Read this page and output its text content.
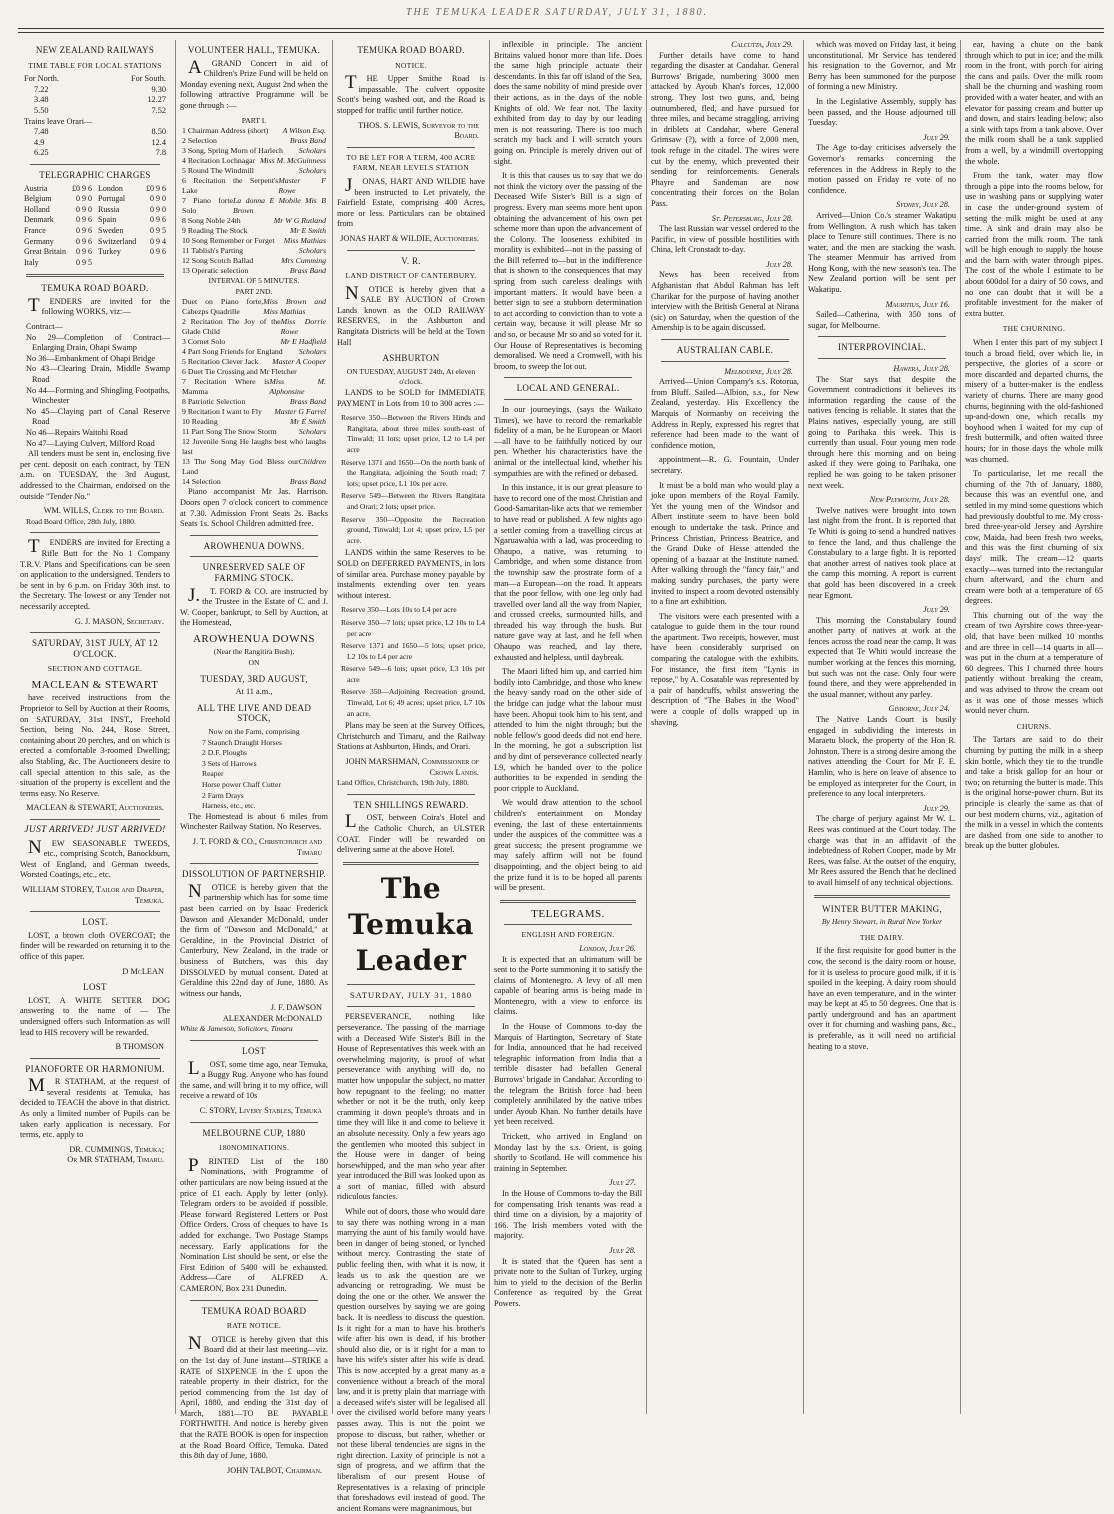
THE TEMUKA LEADER SATURDAY, JULY 31, 1880.
NEW ZEALAND RAILWAYS
TIME TABLE FOR LOCAL STATIONS
For North.	For South.
7.22	9.30
3.48	12.27
5.50	7.52
Trains leave Orari—
7.48	8.50
4.9	12.4
6.25	7.8
TELEGRAPHIC CHARGES
Austria	£0 9 6 London	£0 9 6
Belgium	0 9 0 Portugal	0 9 0
Holland	0 9 0 Russia	0 9 0
Denmark	0 9 6 Spain	0 9 6
France	0 9 6 Sweden	0 9 5
Germany	0 9 6 Switzerland 0 9 4
Great Britain 0 9 6 Turkey	0 9 6
Italy	0 9 5
TEMUKA ROAD BOARD.

TENDERS are invited for the following WORKS, viz:—

Contract—
No 29—Completion of Contract—Enlarging Drain, Ohapi Swamp
No 36—Embankment of Ohapi Bridge
No 43—Clearing Drain, Middle Swamp Road
No 44—Forming and Shingling Footpaths, Winchester
No 45—Claying part of Canal Reserve Road
No 46—Repairs Waitohi Road
No 47—Laying Culvert, Milford Road

All tenders must be sent in, enclosing five per cent. deposit on each contract, by TEN a.m. on TUESDAY, the 3rd August, addressed to the Chairman, endorsed on the outside "Tender No."

WM. WILLS, Clerk to the Board.
Road Board Office, 28th July, 1880.

TENDERS are invited for Erecting a Rifle Butt for the No 1 Company T.R.V. Plans and Specifications can be seen on application to the undersigned. Tenders to be sent in by 6 p.m. on Friday 30th inst. to the Secretary. The lowest or any Tender not necessarily accepted.

G. J. MASON, Secretary.
SATURDAY, 31ST JULY, AT 12 O'CLOCK.
SECTION AND COTTAGE.
MACLEAN & STEWART

have received instructions from the Proprietor to Sell by Auction at their Rooms, on SATURDAY, 31st INST., Freehold Section, being No. 244, Rose Street, containing about 20 perches, and on which is erected a comfortable 3-roomed Dwelling; also Stabling, &c. The Auctioneers desire to call special attention to this sale, as the situation of the property is excellent and the terms easy. No Reserve.

MACLEAN & STEWART, Auctioneers.
JUST ARRIVED! JUST ARRIVED!

NEW SEASONABLE TWEEDS, etc., comprising Scotch, Banockburn, West of England, and German tweeds, Worsted Coatings, etc., etc.

WILLIAM STOREY, Tailor and Draper, Temuka.
LOST.

LOST, a brown cloth OVERCOAT; the finder will be rewarded on returning it to the office of this paper.

D McLEAN
LOST

LOST, A WHITE SETTER DOG answering to the name of — The undersigned offers such Information as will lead to HIS recovery will be rewarded.

B THOMSON
PIANOFORTE OR HARMONIUM.

MR STATHAM, at the request of several residents at Temuka, has decided to TEACH the above in that district. As only a limited number of Pupils can be taken early application is necessary. For terms, etc. apply to

DR. CUMMINGS, Temuka;
Or MR STATHAM, Timaru.
VOLUNTEER HALL, TEMUKA.

AGRAND Concert in aid of Children's Prize Fund will be held on Monday evening next, August 2nd when the following attractive Programme will be gone through :—

PART I.
1 Chairman Address (short) A Wilson Esq.
2 Selection	Brass Band
3 Song, Spring Morn of Harlech Scholars
4 Recitation Lochnagar Miss M. McGuinness
5 Round The Windmill	Scholars
6 Recitation the Serpent's Lake
Master F Rowe
7 Piano forte Solo
La donna E Mobile Mis B Brown
8 Song Noble 24th	Mr W G Rutland
9 Reading The Stock	Mr E Smith
10 Song Remember or Forget Miss Mathias
11 Tablish's Parting	Scholars
12 Song Scotch Ballad	Mrs Cumming
13 Operatic selection	Brass Band
INTERVAL OF 5 MINUTES.
PART 2ND.
Duet on Piano forte, Cabezps Quadrille
Miss Brown and Miss Mathias
2 Recitation The Joy of the Glade Child
Miss Dorrie Rowe
3 Cornet Solo	Mr E Hadfield
4 Part Song Friends for England Scholars
5 Recitation Clever Jack Master A Cooper
6 Duet Tie Crossing and Mr Fletcher
7 Recitation Where is Mamma
Miss M. Alphonsine
8 Patriotic Selection	Brass Band
9 Recitation I want to Fly Master G Farrel
10 Reading	Mr E Smith
11 Part Song The Snow Storm	Scholars
12 Juvenile Song He laughs best who laughs last
13 The Song May God Bless our Land
Children
14 Selection	Brass Band

Piano accompanist Mr Jas. Harrison. Doors open 7 o'clock concert to commence at 7.30. Admission Front Seats 2s. Backs Seats 1s. School Children admitted free.

AROWHENUA DOWNS.
UNRESERVED SALE OF FARMING STOCK.

J.T. FORD & CO. are instructed by the Trustee in the Estate of C. and J. W. Cooper, bankrupt, to Sell by Auction, at the Homestead,

AROWHENUA DOWNS
(Near the Rangitira Bush),
ON
TUESDAY, 3RD AUGUST,
At 11 a.m.,
ALL THE LIVE AND DEAD STOCK,
Now on the Farm, comprising
7 Staunch Draught Horses
2 D.F. Ploughs
3 Sets of Harrows
Reaper
Horse power Chaff Cutter
2 Farm Drays
Harness, etc., etc.

The Homestead is about 6 miles from Winchester Railway Station. No Reserves.

J. T. FORD & CO., Christchurch and Timaru
DISSOLUTION OF PARTNERSHIP.

NOTICE is hereby given that the partnership which has for some time past been carried on by Isaac Frederick Dawson and Alexander McDonald, under the firm of "Dawson and McDonald," at Geraldine, in the Provincial District of Canterbury, New Zealand, in the trade or business of Butchers, was this day DISSOLVED by mutual consent. Dated at Geraldine this 22nd day of June, 1880. As witness our hands,

J. F. DAWSON
ALEXANDER McDONALD
White & Jameson, Solicitors, Timaru
LOST

LOST, some time ago, near Temuka, a Buggy Rug. Anyone who has found the same, and will bring it to my office, will receive a reward of 10s

C. STORY, Livery Stables, Temuka
MELBOURNE CUP, 1880
180NOMINATIONS.

PRINTED List of the 180 Nominations, with Programme of other particulars are now being issued at the price of £1 each. Apply by letter (only). Telegram orders to be avoided if possible. Please forward Registered Letters or Post Office Orders. Cross of cheques to have 1s added for exchange. Two Postage Stamps necessary. Early applications for the Nomination List should be sent, or else the First Edition of 5400 will be exhausted. Address—Care of ALFRED A. CAMERON, Box 231 Dunedin.

TEMUKA ROAD BOARD
RATE NOTICE.

NOTICE is hereby given that this Board did at their last meeting—viz. on the 1st day of June instant—STRIKE a RATE of SIXPENCE in the £ upon the rateable property in their district, for the period commencing from the 1st day of April, 1880, and ending the 31st day of March, 1881—TO BE PAYABLE FORTHWITH. And notice is hereby given that the RATE BOOK is open for inspection at the Road Board Office, Temuka. Dated this 8th day of June, 1880.

JOHN TALBOT, Chairman.
TEMUKA ROAD BOARD.
NOTICE.

THE Upper Smithe Road is impassable. The culvert opposite Scott's being washed out, and the Road is stopped for traffic until further notice.

THOS. S. LEWIS, Surveyor to the Board.
TO BE LET FOR A TERM, 400 ACRE FARM, NEAR LEVELS STATION

JONAS, HART AND WILDIE have been instructed to Let privately, the Fairfield Estate, comprising 400 Acres, more or less. Particulars can be obtained from

JONAS HART & WILDIE, Auctioneers.
V. R.
LAND DISTRICT OF CANTERBURY.

NOTICE is hereby given that a SALE BY AUCTION of Crown Lands known as the OLD RAILWAY RESERVES, in the Ashburton and Rangitata Districts will be held at the Town Hall

ASHBURTON
ON TUESDAY, AUGUST 24th, At eleven o'clock.

LANDS to be SOLD for IMMEDIATE PAYMENT in Lots from 10 to 300 acres :—

Reserve 350—Between the Rivers Hinds and Rangitata, about three miles south-east of Tinwald; 11 lots; upset price, L2 to L4 per acre
Reserve 1371 and 1650—On the north bank of the Rangitata, adjoining the South road; 7 lots; upset price, L1 10s per acre.
Reserve 549—Between the Rivers Rangitata and Orari; 2 lots; upset price.
Reserve 350—Opposite the Recreation ground, Tinwald; Lot 4; upset price, L5 per acre.

LANDS within the same Reserves to be SOLD on DEFERRED PAYMENTS, in lots of similar area. Purchase money payable by instalments extending over ten years without interest.

Reserve 350—Lots 10s to L4 per acre
Reserve 350—7 lots; upset price, L2 10s to L4 per acre
Reserve 1371 and 1650—5 lots; upset price, L2 10s to L4 per acre
Reserve 549—6 lots; upset price, L3 10s per acre
Reserve 350—Adjoining Recreation ground, Tinwald, Lot 6; 49 acres; upset price, L7 10s an acre.

Plans may be seen at the Survey Offices, Christchurch and Timaru, and the Railway Stations at Ashburton, Hinds, and Orari.

JOHN MARSHMAN, Commissioner of Crown Lands.
Land Office, Christchurch, 19th July, 1880.
TEN SHILLINGS REWARD.

LOST, between Coira's Hotel and the Catholic Church, an ULSTER COAT. Finder will be rewarded on delivering same at the above Hotel.

The Temuka Leader
SATURDAY, JULY 31, 1880

PERSEVERANCE, nothing like perseverance. The passing of the marriage with a Deceased Wife Sister's Bill in the House of Representatives this week with an overwhelming majority, is proof of what perseverance with anything will do, no matter how unpopular the subject, no matter how repugnant to the feeling; no matter whether or not it be the truth, only keep cramming it down people's throats and in time they will like it and come to believe it an absolute necessity. Only a few years ago the gentlemen who mooted this subject in the House were in danger of being horsewhipped, and the man who year after year introduced the Bill was looked upon as a sort of maniac, filled with absurd ridiculous fancies.

While out of doors, those who would dare to say there was nothing wrong in a man marrying the aunt of his family would have been in danger of being stoned, or lynched without mercy. Contrasting the state of public feeling then, with what it is now, it leads us to ask the question are we advancing or retrograding. We must be doing the one or the other. We answer the question ourselves by saying we are going back. It is needless to discuss the question. Is it right for a man to have his brother's wife after his own is dead, if his brother should also die, or is it right for a man to have his wife's sister after his wife is dead. This is now accepted by a great many as a convenience without a breach of the moral law, and it is pretty plain that marriage with a deceased wife's sister will be legalised all over the civilised world before many years passes away. This is not the point we propose to discuss, but rather, whether or not these liberal tendencies are signs in the right direction. Laxity of principle is not a sign of progress, and we affirm that the liberalism of our present House of Representatives is a relaxing of principle that foreshadows evil instead of good. The ancient Romans were magnanimous, but

inflexible in principle. The ancient Britains valued honor more than life. Does the same high principle actuate their descendants. In this far off island of the Sea, does the same nobility of mind preside over their actions, as in the days of the noble Knights of old. We fear not. The laxity exhibited from day to day by our leading men is not reassuring. There is too much scratch my back and I will scratch yours going on. Principle is merely driven out of sight.

It is this that causes us to say that we do not think the victory over the passing of the Deceased Wife Sister's Bill is a sign of progress. Every man seems more bent upon obtaining the advancement of his own pet scheme more than upon the advancement of the Colony. The looseness exhibited in morality is exhibited—not in the passing of the Bill referred to—but in the indifference that is shown to the consequences that may spring from such careless dealings with important matters. It would have been a better sign to see a stubborn determination to act according to conviction than to vote a certain way, because it will please Mr so and so, or because Mr so and so voted for it. Our House of Representatives is becoming demoralised. We need a Cromwell, with his broom, to sweep the lot out.

LOCAL AND GENERAL.

In our journeyings, (says the Waikato Times), we have to record the remarkable fidelity of a man, be he European or Maori—all have to be faithfully noticed by our pen. Whether his characteristics have the animal or the intellectual kind, whether his sympathies are with the refined or debased.

In this instance, it is our great pleasure to have to record one of the most Christian and Good-Samaritan-like acts that we remember to have read or published. A few nights ago a settler coming from a travelling circus at Ngaruawahia with a lad, was proceeding to Ohaupo, a native, was returning to Cambridge, and when some distance from the township saw the prostrate form of a man—a European—on the road. It appears that the poor fellow, with one leg only had travelled over land all the way from Napier, and crossed creeks, surmounted hills, and threaded his way through the bush. But nature gave way at last, and he fell when Ohaupo was reached, and lay there, exhausted and helpless, until daybreak.

The Maori lifted him up, and carried him bodily into Cambridge, and those who knew the heavy sandy road on the other side of the bridge can judge what the labour must have been. Ahopui took him to his tent, and attended to him the night through; but the noble fellow's good deeds did not end here. In the morning, he got a subscription list and by dint of perseverance collected nearly L9, which he handed over to the police authorities to be expended in sending the poor cripple to Auckland.

We would draw attention to the school children's entertainment on Monday evening, the last of these entertainments under the auspices of the committee was a great success; the present programme we may safely affirm will not be found disappointing, and the object being to aid the prize fund it is to be hoped all parents will be present.

TELEGRAMS.
ENGLISH AND FOREIGN.
London, July 26.

It is expected that an ultimatum will be sent to the Porte summoning it to satisfy the claims of Montenegro. A levy of all men capable of bearing arms is being made in Montenegro, with a view to enforce its claims.

In the House of Commons to-day the Marquis of Hartington, Secretary of State for India, announced that he had received telegraphic information from India that a terrible disaster had befallen General Burrows' brigade in Candahar. According to the telegram the British force had been completely annihilated by the native tribes under Ayoub Khan. No further details have yet been received.

Trickett, who arrived in England on Monday last by the s.s. Orient, is going shortly to Scotland. He will commence his training in September.

July 27.

In the House of Commons to-day the Bill for compensating Irish tenants was read a third time on a division, by a majority of 166. The Irish members voted with the majority.

July 28.

It is stated that the Queen has sent a private note to the Sultan of Turkey, urging him to yield to the decision of the Berlin Conference as required by the Great Powers.

Calcutta, July 29.

Further details have come to hand regarding the disaster at Candahar. General Burrows' Brigade, numbering 3000 men attacked by Ayoub Khan's forces, 12,000 strong. They lost two guns, and, being outnumbered, fled, and have pursued for three miles, and became straggling, arriving in driblets at Candahar, where General Grimsaw (?), with a force of 2,000 men, took refuge in the citadel. The wires were cut by the enemy, which prevented their sending for reinforcements. Generals Phayre and Sandeman are now concentrating their forces on the Bolan Pass.

St. Petersburg, July 28.

The last Russian war vessel ordered to the Pacific, in view of possible hostilities with China, left Cronstadt to-day.

July 28.

News has been received from Afghanistan that Abdul Rahman has left Charikar for the purpose of having another interview with the British General at Nirana (sic) on Saturday, when the question of the Amership is to be again discussed.

AUSTRALIAN CABLE.
Melbourne, July 28.

Arrived—Union Company's s.s. Rotorua, from Bluff. Sailed—Albion, s.s., for New Zealand, yesterday. His Excellency the Marquis of Normanby on receiving the Address in Reply, expressed his regret that reference had been made to the want of confidence motion,

appointment—R. G. Fountain, Under secretary.

It must be a bold man who would play a joke upon members of the Royal Family. Yet the young men of the Windsor and Albert institute seem to have been bold enough to undertake the task. Prince and Princess Christian, Princess Beatrice, and the Grand Duke of Hesse attended the opening of a bazaar at the Institute named. After walking through the "fancy fair," and making sundry purchases, the party were invited to inspect a room devoted ostensibly to a fine art exhibition.

The visitors were each presented with a catalogue to guide them in the tour round the apartment. Two receipts, however, must have been considerably surprised on comparing the catalogue with the exhibits. For instance, the first item "Lynis in repose," by A. Cosatable was represented by a pair of handcuffs, whilst answering the description of "The Babes in the Wood" were a couple of dolls wrapped up in shaving.

which was moved on Friday last, it being unconstitutional. Mr Service has tendered his resignation to the Governor, and Mr Berry has been summoned for the purpose of forming a new Ministry.

In the Legislative Assembly, supply has been passed, and the House adjourned till Tuesday.

July 29.

The Age to-day criticises adversely the Governor's remarks concerning the references in the Address in Reply to the motion passed on Friday re vote of no confidence.

Sydney, July 28.

Arrived—Union Co.'s steamer Wakatipu from Wellington. A rush which has taken place to Tenure still continues. There is no water, and the men are stacking the wash. The steamer Menmuir has arrived from Hong Kong, with the new season's tea. The New Zealand portion will be sent per Wakatipu.

Mauritius, July 16.

Sailed—Catherina, with 350 tons of sugar, for Melbourne.

INTERPROVINCIAL.
Hawera, July 28.

The Star says that despite the Government contradictions it believes its information regarding the cause of the natives fencing is reliable. It states that the Plains natives, especially young, are still going to Parihaka this week. This is currently than usual. Four young men rode through here this morning and on being asked if they were going to Parihaka, one replied he was going to be taken prisoner next week.

New Plymouth, July 28.

Twelve natives were brought into town last night from the front. It is reported that Te Whiti is going to send a hundred natives to fence the land, and thus challenge the Constabulary to a large fight. It is reported that another arrest of natives took place at the camp this morning. A report is current that gold has been discovered in a creek near Egmont.

July 29.

This morning the Constabulary found another party of natives at work at the fences across the road near the camp. It was expected that Te Whiti would increase the number working at the fences this morning, but such was not the case. Only four were found there, and they were apprehended in the usual manner, without any parley.

Gisborne, July 24.

The Native Lands Court is busily engaged in subdividing the interests in Maraetu block, the property of the Hon R. Johnston. There is a strong desire among the natives attending the Court for Mr F. E. Hamlin, who is here on leave of absence to be employed as interpreter for the Court, in preference to any local interpreters.

July 29.

The charge of perjury against Mr W. L. Rees was continued at the Court today. The charge was that in an affidavit of the indebtedness of Robert Cooper, made by Mr Rees, was false. At the outset of the enquiry, Mr Rees assured the Bench that he declined to avail himself of any technical objections.

WINTER BUTTER MAKING,
By Henry Stewart, in Rural New Yorker
THE DAIRY.

If the first requisite for good butter is the cow, the second is the dairy room or house, for it is useless to procure good milk, if it is spoiled in the keeping. A dairy room should have an even temperature, and in the winter may be kept at 45 to 50 degrees. One that is partly underground and has an apartment over it for churning and washing pans, &c., is preferable, as it will need no artificial heating to a stove.

ear, having a chute on the bank through which to put in ice; and the milk room in the front, with porch for airing the cans and pails. Over the milk room shall be the churning and washing room provided with a water heater, and with an elevator for passing cream and butter up and down, and stairs leading below; also a sink with taps from a tank above. Over the milk room shall be a tank supplied from a well, by a windmill overtopping the whole.

From the tank, water may flow through a pipe into the rooms below, for use in washing pans or supplying water in case the under-ground system of setting the milk might be used at any time. A sink and drain may also be carried from the milk room. The tank will be high enough to supply the house and the barn with water through pipes. The cost of the whole I estimate to be about 600dol for a dairy of 50 cows, and no one can doubt that it will be a profitable investment for the maker of extra butter.

THE CHURNING.

When I enter this part of my subject I touch a broad field, over which lie, in perspective, the glories of a score or more discarded and departed churns, the misery of a butter-maker is the endless variety of churns. There are many good churns, beginning with the old-fashioned up-and-down one, which recalls my boyhood when I waited for my cup of fresh buttermilk, and often waited three hours; for in those days the whole milk was churned.

To particularise, let me recall the churning of the 7th of January, 1880, because this was an eventful one, and settled in my mind some questions which had previously doubtful to me. My cross-bred three-year-old Jersey and Ayrshire cow, Maida, had been fresh two weeks, and this was the first churning of six days' milk. The cream—12 quarts exactly—was turned into the rectangular churn afterward, and the churn and cream were both at a temperature of 65 degrees.

This churning out of the way the cream of two Ayrshire cows three-year-old, that have been milked 10 months and are three in cell—14 quarts in all—was put in the churn at a temperature of 60 degrees. This I churned three hours patiently without breaking the cream, and was advised to throw the cream out as it was one of those messes which would never churn.

CHURNS.

The Tartars are said to do their churning by putting the milk in a sheep skin bottle, which they tie to the trundle and take a brisk gallop for an hour or two; on returning the butter is made. This is the original horse-power churn. But its principle is clearly the same as that of our best modern churns, viz., agitation of the milk in a vessel in which the contents are dashed from one side to another to break up the butter globules.
